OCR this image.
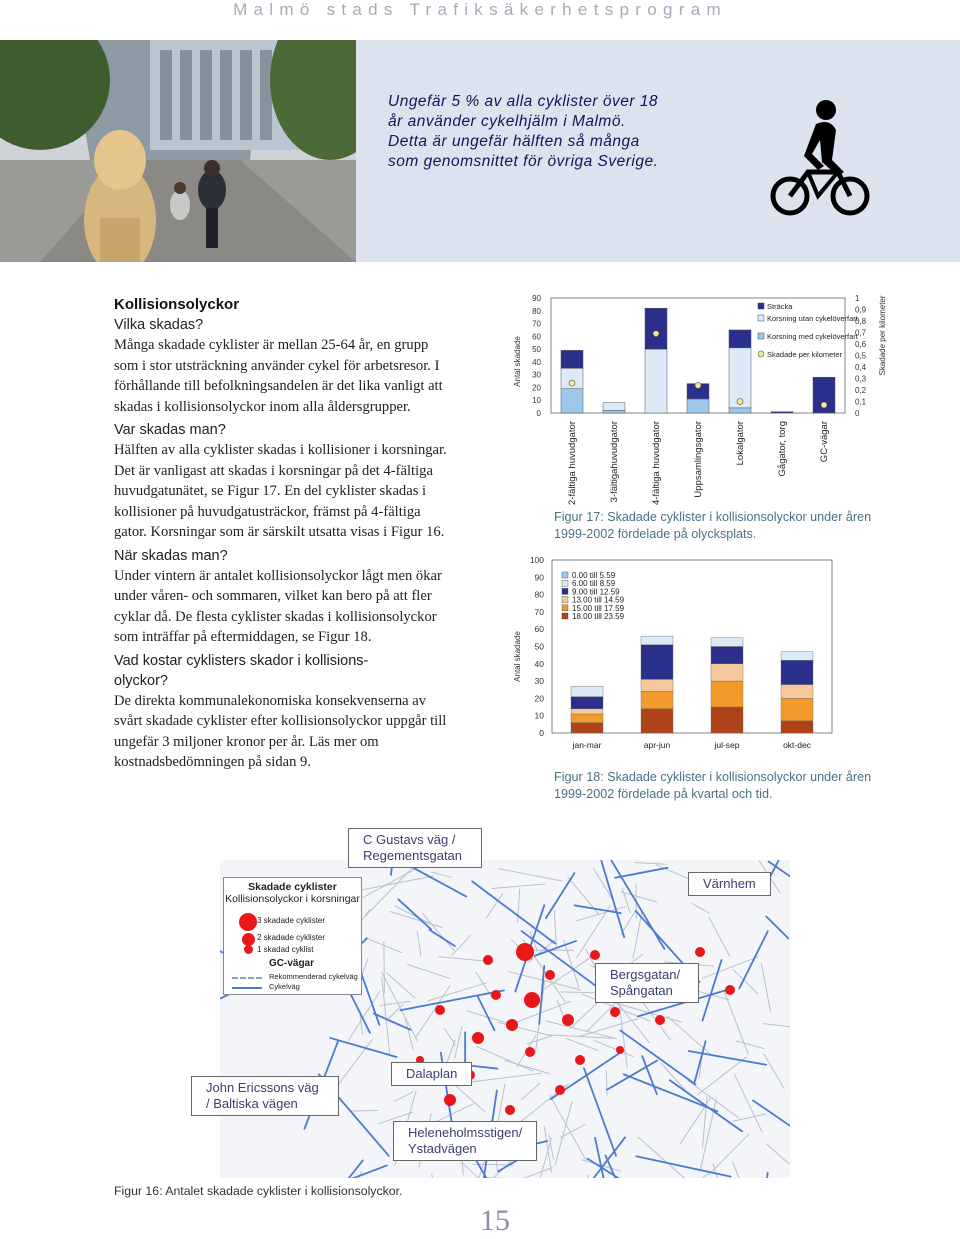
Malmö stads Trafiksäkerhetsprogram
Ungefär 5 % av alla cyklister över 18
år använder cykelhjälm i Malmö.
Detta är ungefär hälften så många
som genomsnittet för övriga Sverige.
Kollisionsolyckor
Vilka skadas?
Många skadade cyklister är mellan 25-64 år, en grupp
som i stor utsträckning använder cykel för arbetsresor. I
förhållande till befolkningsandelen är det lika vanligt att
skadas i kollisionsolyckor inom alla åldersgrupper.
Var skadas man?
Hälften av alla cyklister skadas i kollisioner i korsningar.
Det är vanligast att skadas i korsningar på det 4-fältiga
huvudgatunätet, se Figur 17. En del cyklister skadas i
kollisioner på huvudgatusträckor, främst på 4-fältiga
gator. Korsningar som är särskilt utsatta visas i Figur 16.
När skadas man?
Under vintern är antalet kollisionsolyckor lågt men ökar
under våren- och sommaren, vilket kan bero på att fler
cyklar då. De flesta cyklister skadas i kollisionsolyckor
som inträffar på eftermiddagen, se Figur 18.
Vad kostar cyklisters skador i kollisions-
olyckor?
De direkta kommunalekonomiska konsekvenserna av
svårt skadade cyklister efter kollisionsolyckor uppgår till
ungefär 3 miljoner kronor per år. Läs mer om
kostnadsbedömningen på sidan 9.
0
10
20
30
40
50
60
70
80
90
0
0,1
0,2
0,3
0,4
0,5
0,6
0,7
0,8
0,9
1
Antal skadade	Skadade per kilometer
2-fältiga huvudgator	3-fältigahuvudgator	4-fältiga huvudgator	Uppsamlingsgator	Lokalgator	Gågator, torg	GC-vägar
Sträcka
Korsning utan cykelöverfart
Korsning med cykelöverfart
Skadade per kilometer
Figur 17: Skadade cyklister i kollisionsolyckor under åren
1999-2002 fördelade på olycksplats.
0
10
20
30
40
50
60
70
80
90
100
Antal skadade
jan-mar	apr-jun	jul-sep	okt-dec
0.00 till 5.59
6.00 till 8.59
9.00 till 12.59
13.00 till 14.59
15.00 till 17.59
18.00 till 23.59
Figur 18: Skadade cyklister i kollisionsolyckor under åren
1999-2002 fördelade på kvartal och tid.
Skadade cyklister
Kollisionsolyckor i korsningar
3 skadade cyklister
2 skadade cyklister
1 skadad cyklist
GC-vägar
Rekommenderad cykelväg
Cykelväg
C Gustavs väg / Regementsgatan
Värnhem
Bergsgatan/ Spångatan
John Ericssons väg / Baltiska vägen
Dalaplan
Heleneholmsstigen/ Ystadvägen
Figur 16: Antalet skadade cyklister i kollisionsolyckor.
15
